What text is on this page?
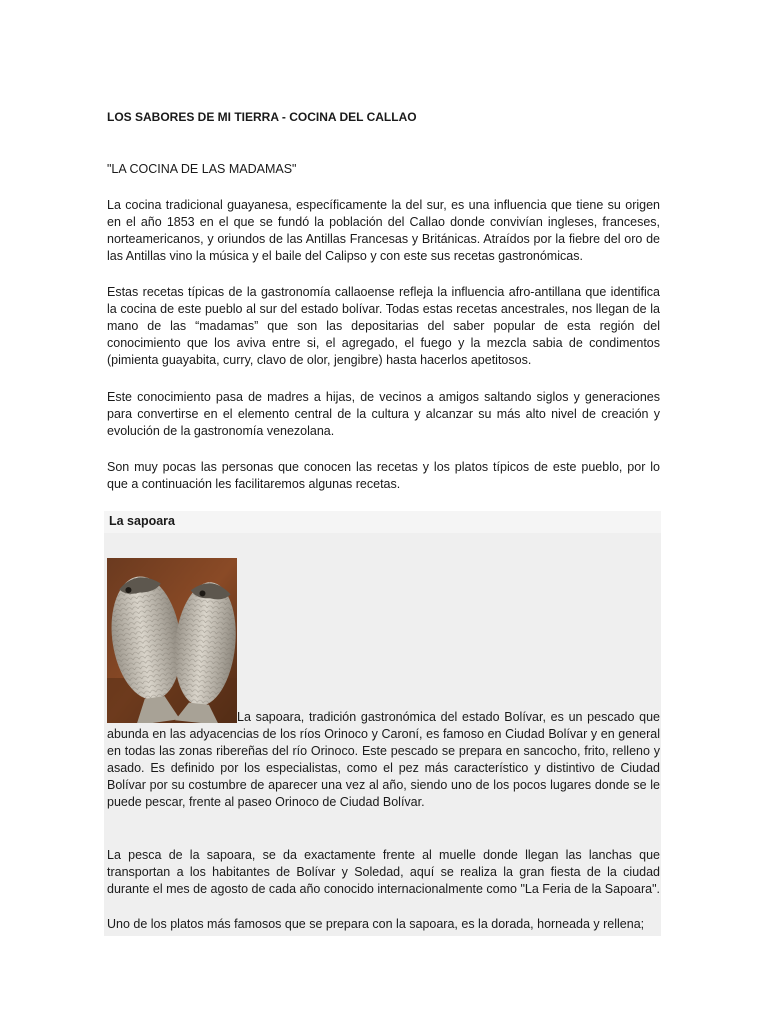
LOS SABORES DE MI TIERRA - COCINA DEL CALLAO
"LA COCINA DE LAS MADAMAS"
La cocina tradicional guayanesa, específicamente la del sur, es una influencia que tiene su origen en el año 1853 en el que se fundó la población del Callao donde convivían ingleses, franceses, norteamericanos, y oriundos de las Antillas Francesas y Británicas. Atraídos por la fiebre del oro de las Antillas vino la música y el baile del Calipso y con este sus recetas gastronómicas.
Estas recetas típicas de la gastronomía callaoense refleja la influencia afro-antillana que identifica la cocina de este pueblo al sur del estado bolívar. Todas estas recetas ancestrales, nos llegan de la mano de las “madamas” que son las depositarias del saber popular de esta región del conocimiento que los aviva entre si, el agregado, el fuego y la mezcla sabia de condimentos (pimienta guayabita, curry, clavo de olor, jengibre) hasta hacerlos apetitosos.
Este conocimiento pasa de madres a hijas, de vecinos a amigos saltando siglos y generaciones para convertirse en el elemento central de la cultura y alcanzar su más alto nivel de creación y evolución de la gastronomía venezolana.
Son muy pocas las personas que conocen las recetas y los platos típicos de este pueblo, por lo que a continuación les facilitaremos algunas recetas.
La sapoara
La sapoara, tradición gastronómica del estado Bolívar, es un pescado que abunda en las adyacencias de los ríos Orinoco y Caroní, es famoso en Ciudad Bolívar y en general en todas las zonas ribereñas del río Orinoco. Este pescado se prepara en sancocho, frito, relleno y asado. Es definido por los especialistas, como el pez más característico y distintivo de Ciudad Bolívar por su costumbre de aparecer una vez al año, siendo uno de los pocos lugares donde se le puede pescar, frente al paseo Orinoco de Ciudad Bolívar.
La pesca de la sapoara, se da exactamente frente al muelle donde llegan las lanchas que transportan a los habitantes de Bolívar y Soledad, aquí se realiza la gran fiesta de la ciudad durante el mes de agosto de cada año conocido internacionalmente como "La Feria de la Sapoara".
Uno de los platos más famosos que se prepara con la sapoara, es la dorada, horneada y rellena;
